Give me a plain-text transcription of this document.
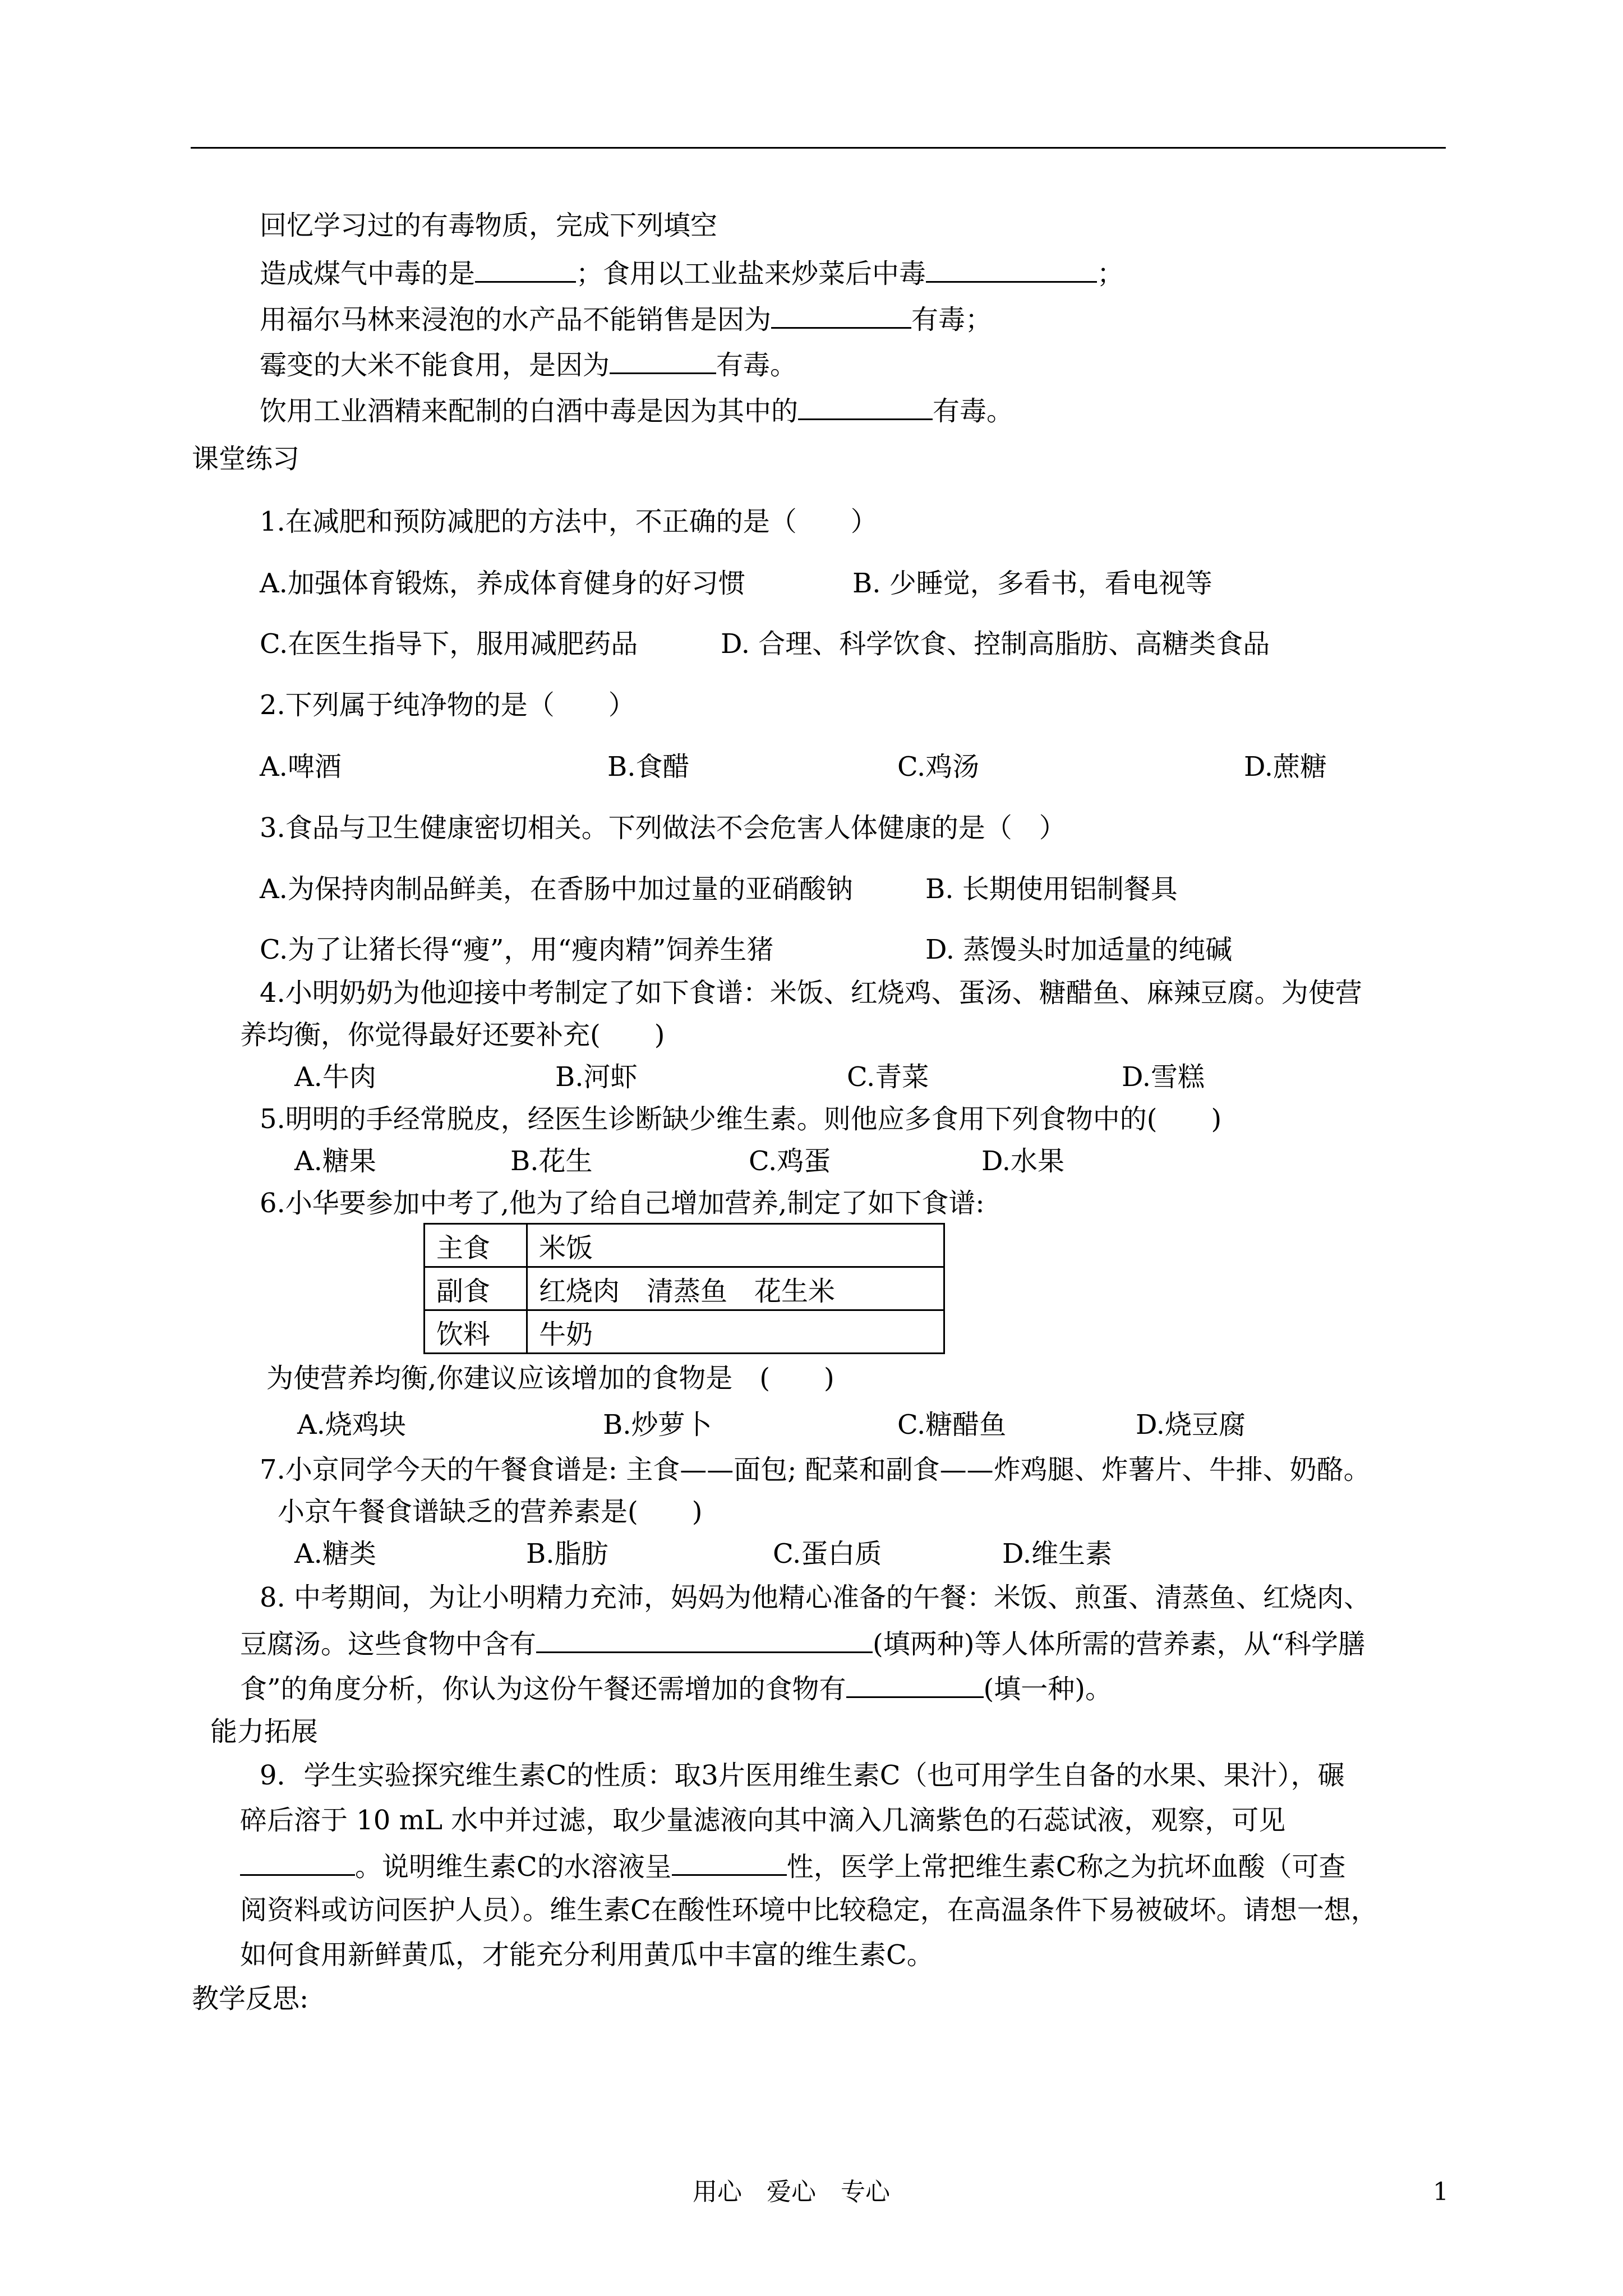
回忆学习过的有毒物质，完成下列填空
造成煤气中毒的是	；食用以工业盐来炒菜后中毒	；
用福尔马林来浸泡的水产品不能销售是因为	有毒；
霉变的大米不能食用，是因为	有毒。
饮用工业酒精来配制的白酒中毒是因为其中的	有毒。
课堂练习
1.在减肥和预防减肥的方法中，不正确的是（　　）
A.加强体育锻炼，养成体育健身的好习惯	B. 少睡觉，多看书，看电视等
C.在医生指导下，服用减肥药品	D. 合理、科学饮食、控制高脂肪、高糖类食品
2.下列属于纯净物的是（　　）
A.啤酒	B.食醋	C.鸡汤	D.蔗糖
3.食品与卫生健康密切相关。下列做法不会危害人体健康的是（　）
A.为保持肉制品鲜美，在香肠中加过量的亚硝酸钠	B. 长期使用铝制餐具
C.为了让猪长得“瘦”，用“瘦肉精”饲养生猪	D. 蒸馒头时加适量的纯碱
4.小明奶奶为他迎接中考制定了如下食谱：米饭、红烧鸡、蛋汤、糖醋鱼、麻辣豆腐。为使营
养均衡，你觉得最好还要补充(　　)
A.牛肉	B.河虾	C.青菜	D.雪糕
5.明明的手经常脱皮，经医生诊断缺少维生素。则他应多食用下列食物中的(　　)
A.糖果	B.花生	C.鸡蛋	D.水果
6.小华要参加中考了,他为了给自己增加营养,制定了如下食谱:
主食	米饭
副食	红烧肉　清蒸鱼　花生米
饮料	牛奶
为使营养均衡,你建议应该增加的食物是　(　　)
A.烧鸡块	B.炒萝卜	C.糖醋鱼	D.烧豆腐
7.小京同学今天的午餐食谱是: 主食——面包; 配菜和副食——炸鸡腿、炸薯片、牛排、奶酪。
小京午餐食谱缺乏的营养素是(　　)
A.糖类	B.脂肪	C.蛋白质	D.维生素
8. 中考期间，为让小明精力充沛，妈妈为他精心准备的午餐：米饭、煎蛋、清蒸鱼、红烧肉、
豆腐汤。这些食物中含有	(填两种)等人体所需的营养素，从“科学膳
食”的角度分析，你认为这份午餐还需增加的食物有	(填一种)。
能力拓展
9．学生实验探究维生素C的性质：取3片医用维生素C（也可用学生自备的水果、果汁），碾
碎后溶于 10 mL 水中并过滤，取少量滤液向其中滴入几滴紫色的石蕊试液，观察，可见
。说明维生素C的水溶液呈	性，医学上常把维生素C称之为抗坏血酸（可查
阅资料或访问医护人员）。维生素C在酸性环境中比较稳定，在高温条件下易被破坏。请想一想，
如何食用新鲜黄瓜，才能充分利用黄瓜中丰富的维生素C。
教学反思:
用心　爱心　专心	1
